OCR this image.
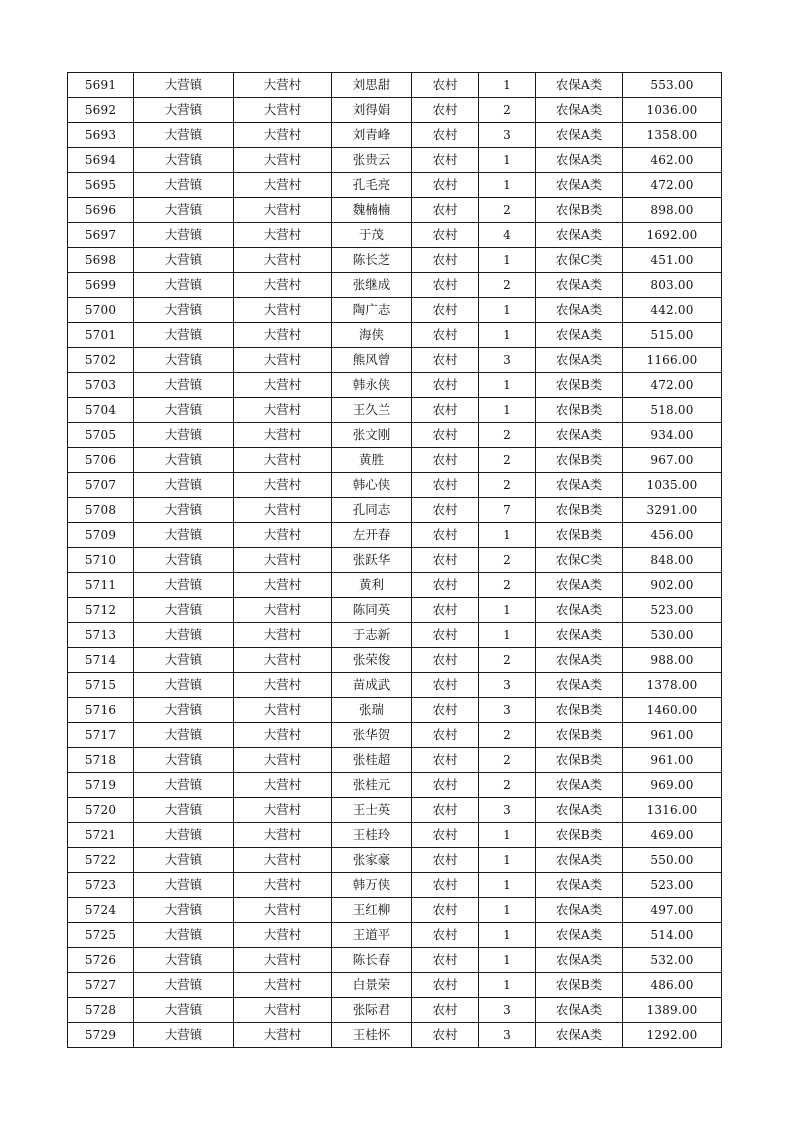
5691	大营镇	大营村	刘思甜	农村	1	农保A类	553.00
5692	大营镇	大营村	刘得娟	农村	2	农保A类	1036.00
5693	大营镇	大营村	刘青峰	农村	3	农保A类	1358.00
5694	大营镇	大营村	张贵云	农村	1	农保A类	462.00
5695	大营镇	大营村	孔毛亮	农村	1	农保A类	472.00
5696	大营镇	大营村	魏楠楠	农村	2	农保B类	898.00
5697	大营镇	大营村	于茂	农村	4	农保A类	1692.00
5698	大营镇	大营村	陈长芝	农村	1	农保C类	451.00
5699	大营镇	大营村	张继成	农村	2	农保A类	803.00
5700	大营镇	大营村	陶广志	农村	1	农保A类	442.00
5701	大营镇	大营村	海侠	农村	1	农保A类	515.00
5702	大营镇	大营村	熊风曾	农村	3	农保A类	1166.00
5703	大营镇	大营村	韩永侠	农村	1	农保B类	472.00
5704	大营镇	大营村	王久兰	农村	1	农保B类	518.00
5705	大营镇	大营村	张文刚	农村	2	农保A类	934.00
5706	大营镇	大营村	黄胜	农村	2	农保B类	967.00
5707	大营镇	大营村	韩心侠	农村	2	农保A类	1035.00
5708	大营镇	大营村	孔同志	农村	7	农保B类	3291.00
5709	大营镇	大营村	左开春	农村	1	农保B类	456.00
5710	大营镇	大营村	张跃华	农村	2	农保C类	848.00
5711	大营镇	大营村	黄利	农村	2	农保A类	902.00
5712	大营镇	大营村	陈同英	农村	1	农保A类	523.00
5713	大营镇	大营村	于志新	农村	1	农保A类	530.00
5714	大营镇	大营村	张荣俊	农村	2	农保A类	988.00
5715	大营镇	大营村	苗成武	农村	3	农保A类	1378.00
5716	大营镇	大营村	张瑞	农村	3	农保B类	1460.00
5717	大营镇	大营村	张华贺	农村	2	农保B类	961.00
5718	大营镇	大营村	张桂超	农村	2	农保B类	961.00
5719	大营镇	大营村	张桂元	农村	2	农保A类	969.00
5720	大营镇	大营村	王士英	农村	3	农保A类	1316.00
5721	大营镇	大营村	王桂玲	农村	1	农保B类	469.00
5722	大营镇	大营村	张家豪	农村	1	农保A类	550.00
5723	大营镇	大营村	韩万侠	农村	1	农保A类	523.00
5724	大营镇	大营村	王红柳	农村	1	农保A类	497.00
5725	大营镇	大营村	王道平	农村	1	农保A类	514.00
5726	大营镇	大营村	陈长春	农村	1	农保A类	532.00
5727	大营镇	大营村	白景荣	农村	1	农保B类	486.00
5728	大营镇	大营村	张际君	农村	3	农保A类	1389.00
5729	大营镇	大营村	王桂怀	农村	3	农保A类	1292.00
